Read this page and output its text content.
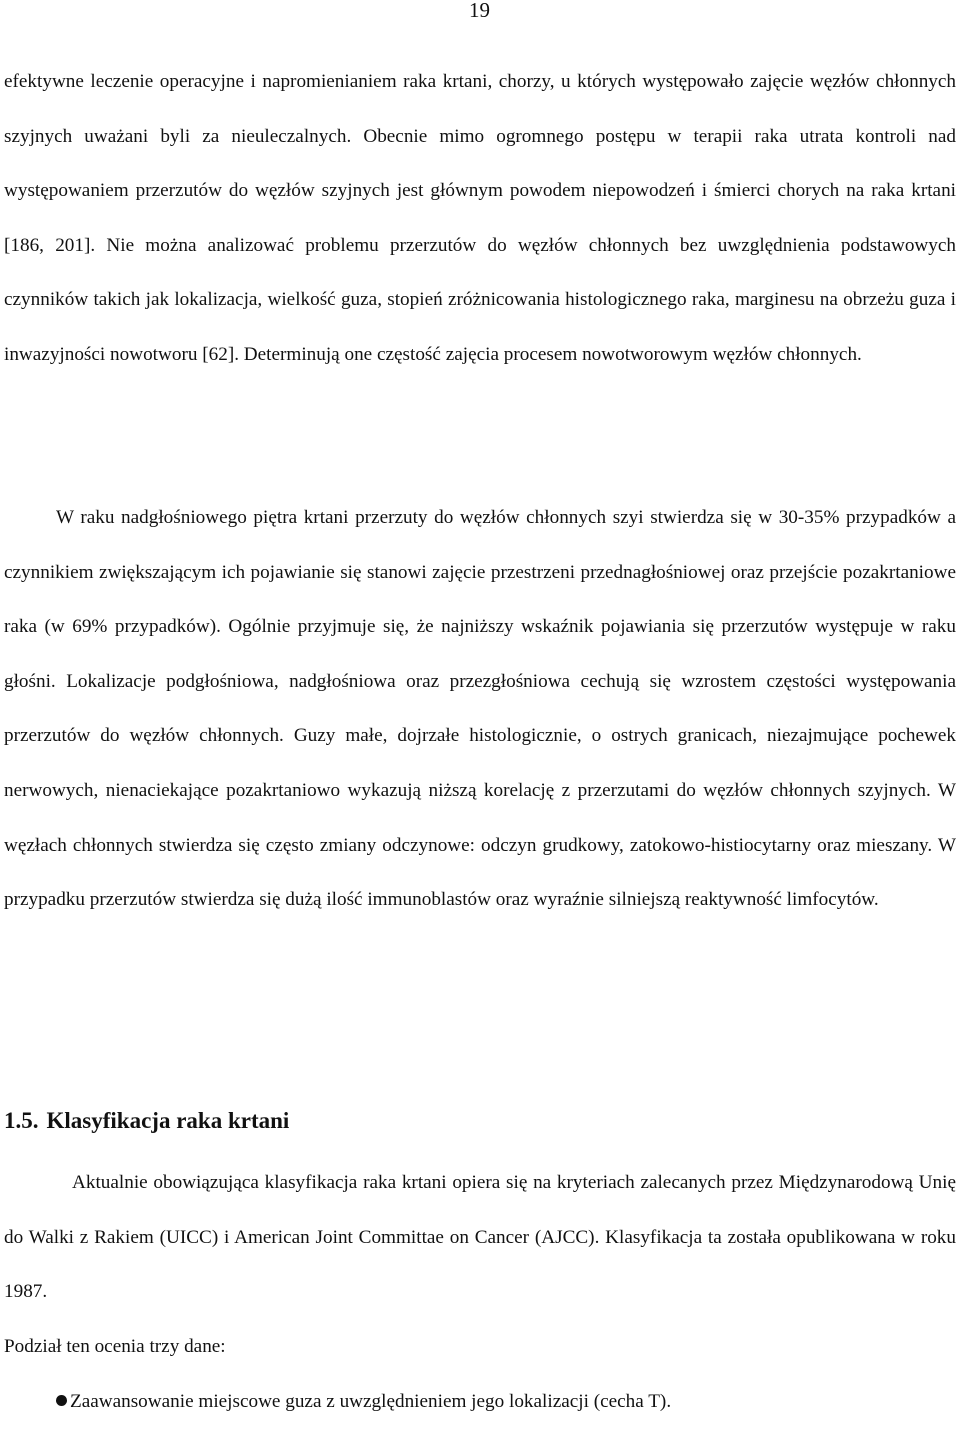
19

efektywne leczenie operacyjne i napromienianiem raka krtani, chorzy, u których występowało zajęcie węzłów chłonnych szyjnych uważani byli za nieuleczalnych. Obecnie mimo ogromnego postępu w terapii raka utrata kontroli nad występowaniem przerzutów do węzłów szyjnych jest głównym powodem niepowodzeń i śmierci chorych na raka krtani [186, 201]. Nie można analizować problemu przerzutów do węzłów chłonnych bez uwzględnienia podstawowych czynników takich jak lokalizacja, wielkość guza, stopień zróżnicowania histologicznego raka, marginesu na obrzeżu guza i inwazyjności nowotworu [62]. Determinują one częstość zajęcia procesem nowotworowym węzłów chłonnych.

W raku nadgłośniowego piętra krtani przerzuty do węzłów chłonnych szyi stwierdza się w 30-35% przypadków a czynnikiem zwiększającym ich pojawianie się stanowi zajęcie przestrzeni przednagłośniowej oraz przejście pozakrtaniowe raka (w 69% przypadków). Ogólnie przyjmuje się, że najniższy wskaźnik pojawiania się przerzutów występuje w raku głośni. Lokalizacje podgłośniowa, nadgłośniowa oraz przezgłośniowa cechują się wzrostem częstości występowania przerzutów do węzłów chłonnych. Guzy małe, dojrzałe histologicznie, o ostrych granicach, niezajmujące pochewek nerwowych, nienaciekające pozakrtaniowo wykazują niższą korelację z przerzutami do węzłów chłonnych szyjnych. W węzłach chłonnych stwierdza się często zmiany odczynowe: odczyn grudkowy, zatokowo-histiocytarny oraz mieszany. W przypadku przerzutów stwierdza się dużą ilość immunoblastów oraz wyraźnie silniejszą reaktywność limfocytów.

1.5. Klasyfikacja raka krtani

Aktualnie obowiązująca klasyfikacja raka krtani opiera się na kryteriach zalecanych przez Międzynarodową Unię do Walki z Rakiem (UICC) i American Joint Committae on Cancer (AJCC). Klasyfikacja ta została opublikowana w roku 1987.

Podział ten ocenia trzy dane:

Zaawansowanie miejscowe guza z uwzględnieniem jego lokalizacji (cecha T).
